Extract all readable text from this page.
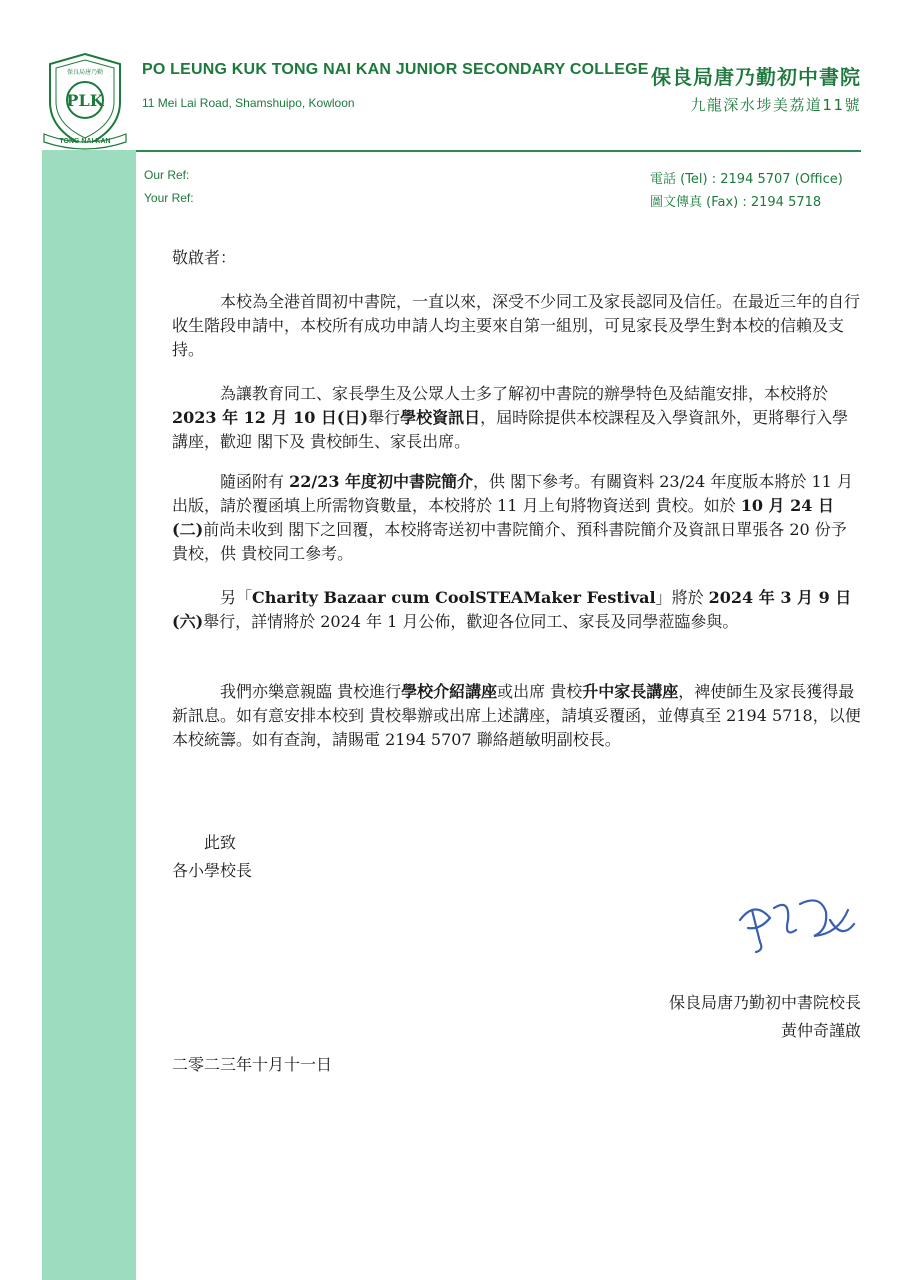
PLK
保良局唐乃勤
TONG NAI KAN
PO LEUNG KUK TONG NAI KAN JUNIOR SECONDARY COLLEGE
11 Mei Lai Road, Shamshuipo, Kowloon
保良局唐乃勤初中書院
九龍深水埗美荔道11號
Our Ref:
Your Ref:
電話 (Tel) : 2194 5707 (Office)
圖文傳真 (Fax) : 2194 5718

敬啟者：

本校為全港首間初中書院，一直以來，深受不少同工及家長認同及信任。在最近三年的自行收生階段申請中，本校所有成功申請人均主要來自第一組別，可見家長及學生對本校的信賴及支持。

為讓教育同工、家長學生及公眾人士多了解初中書院的辦學特色及結龍安排，本校將於 2023 年 12 月 10 日(日)舉行學校資訊日，屆時除提供本校課程及入學資訊外，更將舉行入學講座，歡迎 閣下及 貴校師生、家長出席。

隨函附有 22/23 年度初中書院簡介，供 閣下參考。有關資料 23/24 年度版本將於 11 月出版，請於覆函填上所需物資數量，本校將於 11 月上旬將物資送到 貴校。如於 10 月 24 日(二)前尚未收到 閣下之回覆，本校將寄送初中書院簡介、預科書院簡介及資訊日單張各 20 份予 貴校，供 貴校同工參考。

另「Charity Bazaar cum CoolSTEAMaker Festival」將於 2024 年 3 月 9 日(六)舉行，詳情將於 2024 年 1 月公佈，歡迎各位同工、家長及同學蒞臨參與。

我們亦樂意親臨 貴校進行學校介紹講座或出席 貴校升中家長講座，裨使師生及家長獲得最新訊息。如有意安排本校到 貴校舉辦或出席上述講座，請填妥覆函，並傳真至 2194 5718，以便本校統籌。如有查詢，請賜電 2194 5707 聯絡趙敏明副校長。

此致
各小學校長
保良局唐乃勤初中書院校長
黃仲奇謹啟
二零二三年十月十一日
